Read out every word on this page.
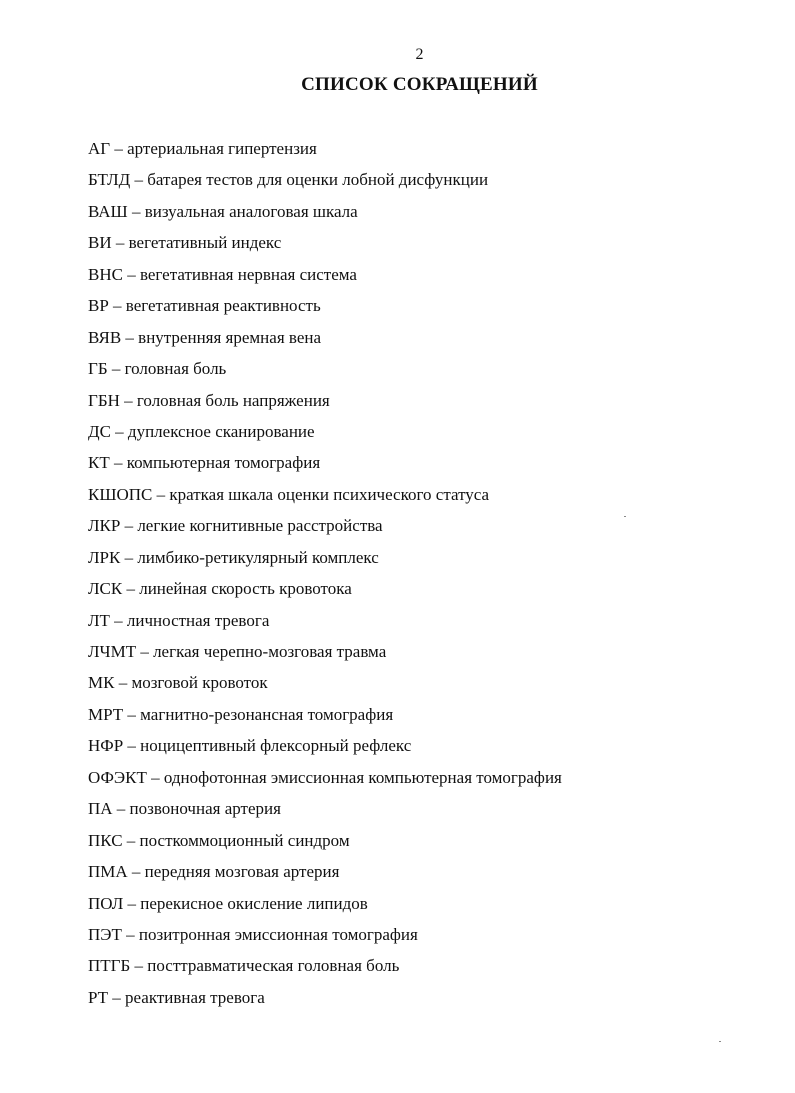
2
СПИСОК СОКРАЩЕНИЙ
АГ – артериальная гипертензия
БТЛД – батарея тестов для оценки лобной дисфункции
ВАШ – визуальная аналоговая шкала
ВИ – вегетативный индекс
ВНС – вегетативная нервная система
ВР – вегетативная реактивность
ВЯВ – внутренняя яремная вена
ГБ – головная боль
ГБН – головная боль напряжения
ДС – дуплексное сканирование
КТ – компьютерная томография
КШОПС – краткая шкала оценки психического статуса
ЛКР – легкие когнитивные расстройства
ЛРК – лимбико-ретикулярный комплекс
ЛСК – линейная скорость кровотока
ЛТ – личностная тревога
ЛЧМТ – легкая черепно-мозговая травма
МК – мозговой кровоток
МРТ – магнитно-резонансная томография
НФР – ноцицептивный флексорный рефлекс
ОФЭКТ – однофотонная эмиссионная компьютерная томография
ПА – позвоночная артерия
ПКС – посткоммоционный синдром
ПМА – передняя мозговая артерия
ПОЛ – перекисное окисление липидов
ПЭТ – позитронная эмиссионная томография
ПТГБ – посттравматическая головная боль
РТ – реактивная тревога
